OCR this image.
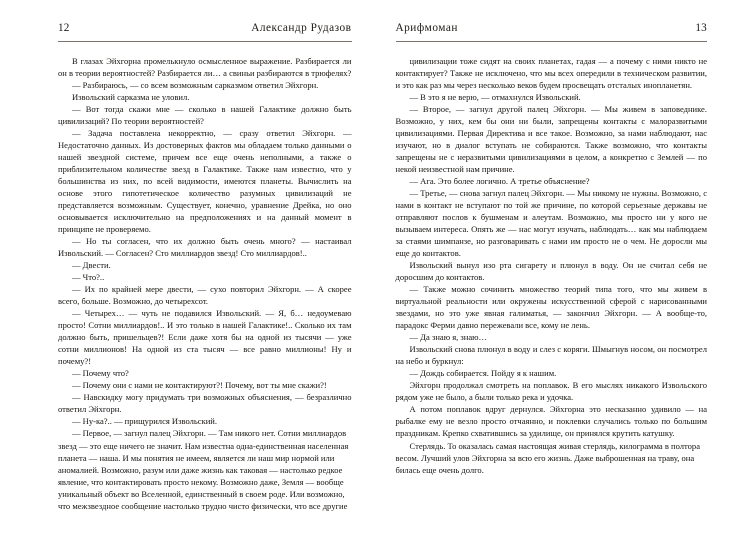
12	Александр Рудазов

В глазах Эйхгорна промелькнуло осмысленное выражение. Разбирается ли он в теории вероятностей? Разбирается ли… а свиньи разбираются в трюфелях?

— Разбираюсь, — со всем возможным сарказмом ответил Эйхгорн.

Извольский сарказма не уловил.

— Вот тогда скажи мне — сколько в нашей Галактике должно быть цивилизаций? По теории вероятностей?

— Задача поставлена некорректно, — сразу ответил Эйхгорн. — Недостаточно данных. Из достоверных фактов мы обладаем только данными о нашей звездной системе, причем все еще очень неполными, а также о приблизительном количестве звезд в Галактике. Также нам известно, что у большинства из них, по всей видимости, имеются планеты. Вычислить на основе этого гипотетическое количество разумных цивилизаций не представляется возможным. Существует, конечно, уравнение Дрейка, но оно основывается исключительно на предположениях и на данный момент в принципе не проверяемо.

— Но ты согласен, что их должно быть очень много? — настаивал Извольский. — Согласен? Сто миллиардов звезд! Сто миллиардов!..

— Двести.

— Что?..

— Их по крайней мере двести, — сухо повторил Эйхгорн. — А скорее всего, больше. Возможно, до четырехсот.

— Четырех… — чуть не подавился Извольский. — Я, б… недоумеваю просто! Сотни миллиардов!.. И это только в нашей Галактике!.. Сколько их там должно быть, пришельцев?! Если даже хотя бы на одной из тысячи — уже сотни миллионов! На одной из ста тысяч — все равно миллионы! Ну и почему?!

— Почему что?

— Почему они с нами не контактируют?! Почему, вот ты мне скажи?!

— Навскидку могу придумать три возможных объяснения, — безразлично ответил Эйхгорн.

— Ну-ка?.. — прищурился Извольский.

— Первое, — загнул палец Эйхгорн. — Там никого нет. Сотни миллиардов звезд — это еще ничего не значит. Нам известна одна-единственная населенная планета — наша. И мы понятия не имеем, является ли наш мир нормой или аномалией. Возможно, разум или даже жизнь как таковая — настолько редкое явление, что контактировать просто некому. Возможно даже, Земля — вообще уникальный объект во Вселенной, единственный в своем роде. Или возможно, что межзвездное сообщение настолько трудно чисто физически, что все другие

Арифмоман	13

цивилизации тоже сидят на своих планетах, гадая — а почему с ними никто не контактирует? Также не исключено, что мы всех опередили в техническом развитии, и это как раз мы через несколько веков будем просвещать отсталых инопланетян.

— В это я не верю, — отмахнулся Извольский.

— Второе, — загнул другой палец Эйхгорн. — Мы живем в заповеднике. Возможно, у них, кем бы они ни были, запрещены контакты с малоразвитыми цивилизациями. Первая Директива и все такое. Возможно, за нами наблюдают, нас изучают, но в диалог вступать не собираются. Также возможно, что контакты запрещены не с неразвитыми цивилизациями в целом, а конкретно с Землей — по некой неизвестной нам причине.

— Ага. Это более логично. А третье объяснение?

— Третье, — снова загнул палец Эйхгорн. — Мы никому не нужны. Возможно, с нами в контакт не вступают по той же причине, по которой серьезные державы не отправляют послов к бушменам и алеутам. Возможно, мы просто ни у кого не вызываем интереса. Опять же — нас могут изучать, наблюдать… как мы наблюдаем за стаями шимпанзе, но разговаривать с нами им просто не о чем. Не доросли мы еще до контактов.

Извольский вынул изо рта сигарету и плюнул в воду. Он не считал себя не доросшим до контактов.

— Также можно сочинить множество теорий типа того, что мы живем в виртуальной реальности или окружены искусственной сферой с нарисованными звездами, но это уже явная галиматья, — закончил Эйхгорн. — А вообще-то, парадокс Ферми давно пережевали все, кому не лень.

— Да знаю я, знаю…

Извольский снова плюнул в воду и слез с коряги. Шмыгнув носом, он посмотрел на небо и буркнул:

— Дождь собирается. Пойду я к нашим.

Эйхгорн продолжал смотреть на поплавок. В его мыслях никакого Извольского рядом уже не было, а были только река и удочка.

А потом поплавок вдруг дернулся. Эйхгорна это несказанно удивило — на рыбалке ему не везло просто отчаянно, и поклевки случались только по большим праздникам. Крепко схватившись за удилище, он принялся крутить катушку.

Стерлядь. То оказалась самая настоящая живая стерлядь, килограмма в полтора весом. Лучший улов Эйхгорна за всю его жизнь. Даже выброшенная на траву, она билась еще очень долго.
